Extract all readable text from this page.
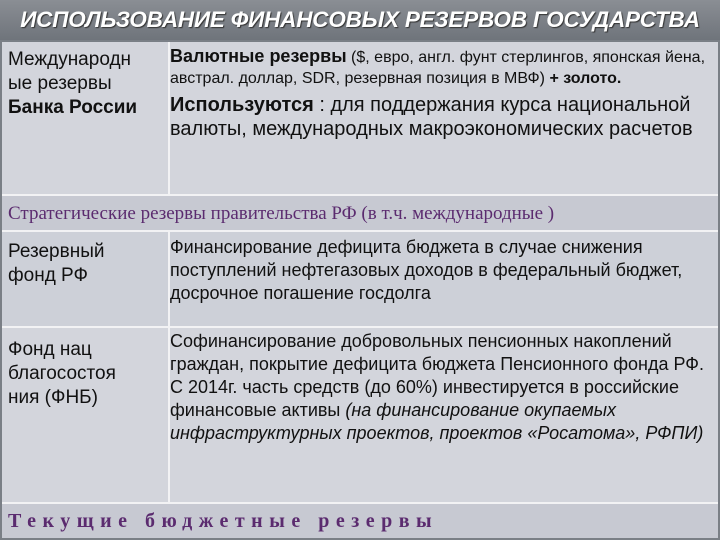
ИСПОЛЬЗОВАНИЕ ФИНАНСОВЫХ РЕЗЕРВОВ ГОСУДАРСТВА
Международн
ые резервы
Банка России
Валютные резервы ($, евро, англ. фунт стерлингов, японская йена, австрал. доллар, SDR, резервная позиция в МВФ) + золото.
Используются : для поддержания курса национальной валюты, международных макроэкономических расчетов
Стратегические резервы правительства РФ (в т.ч. международные )
Резервный
фонд РФ
Финансирование дефицита бюджета в случае снижения поступлений нефтегазовых доходов в федеральный бюджет, досрочное погашение госдолга
Фонд нац
благосостоя
ния (ФНБ)
Софинансирование добровольных пенсионных накоплений граждан, покрытие дефицита бюджета Пенсионного фонда РФ. С 2014г. часть средств (до 60%) инвестируется в российские финансовые активы (на финансирование окупаемых инфраструктурных проектов, проектов «Росатома», РФПИ)
Текущие бюджетные резервы
